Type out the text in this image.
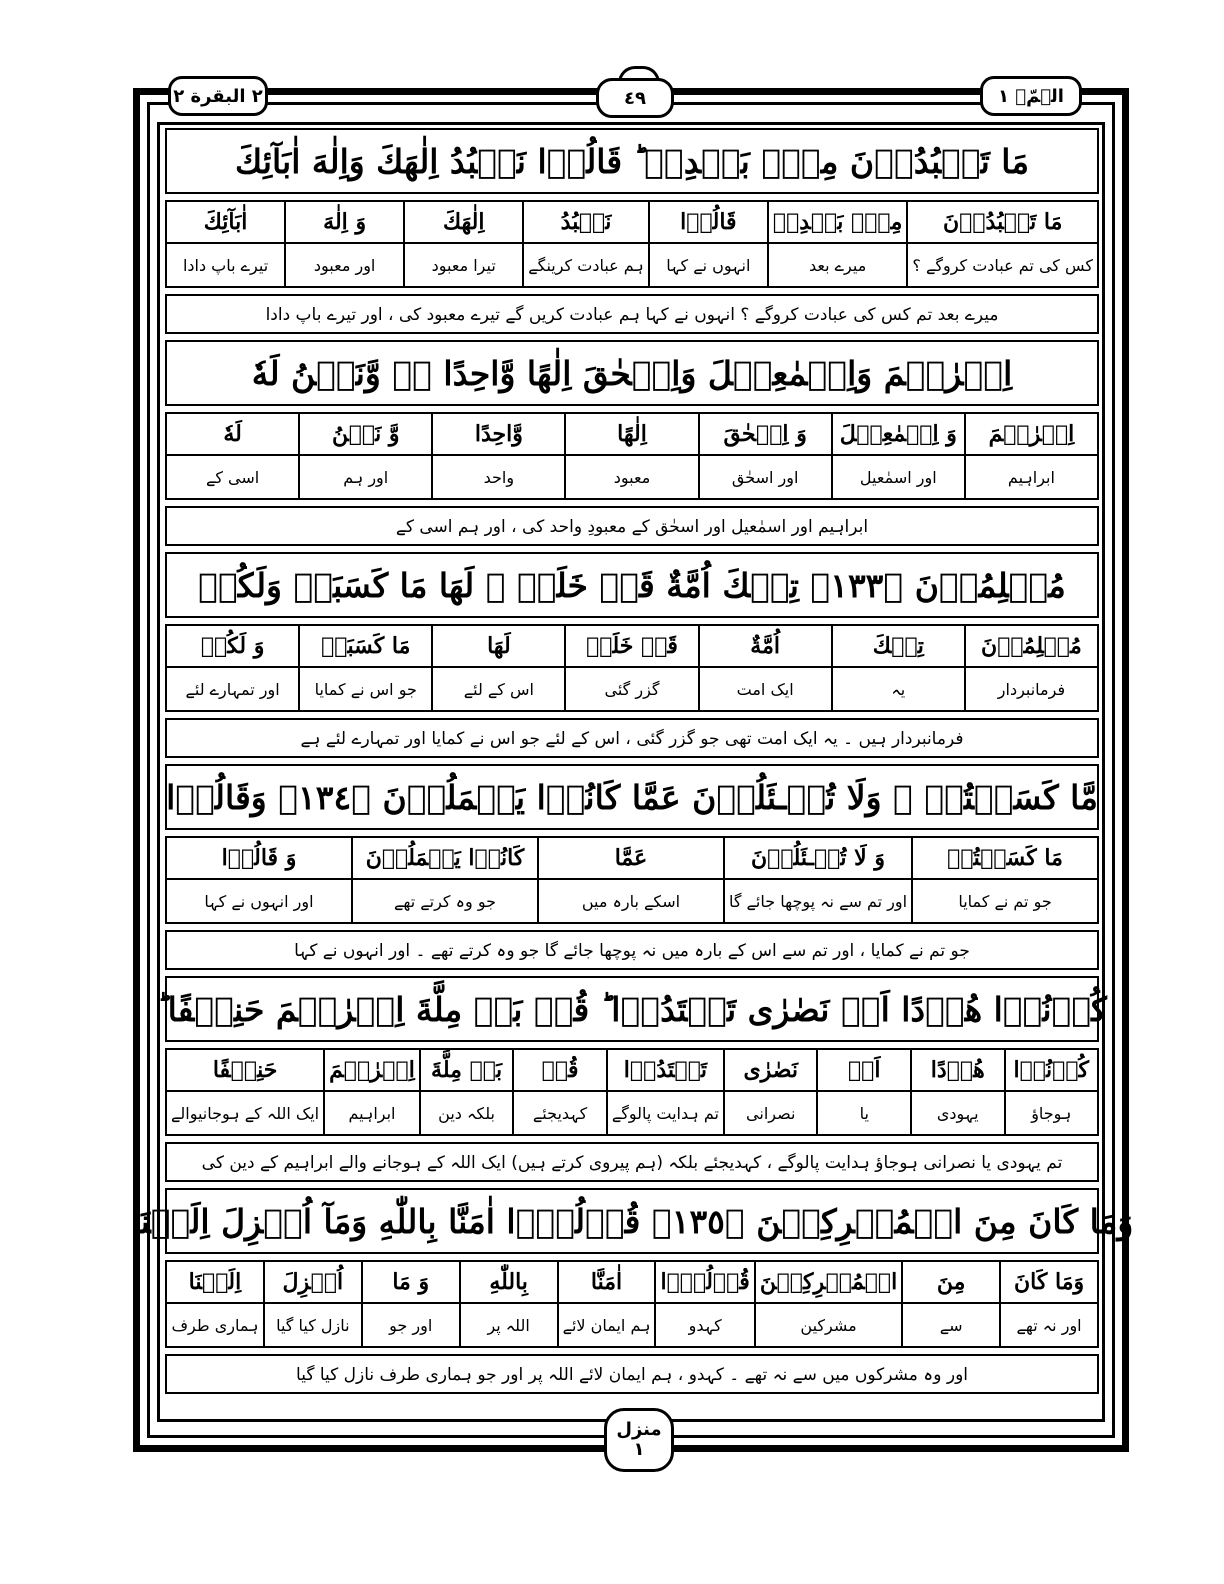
٢ البقرة ٢	٤٩	الۤمّۤ ١
مَا تَعۡبُدُوۡنَ مِنۡۢ بَعۡدِىۡ ؕ قَالُوۡا نَعۡبُدُ اِلٰهَكَ وَاِلٰهَ اٰبَآئِكَ
مَا تَعۡبُدُوۡنَ
مِنۡۢ بَعۡدِىۡ
قَالُوۡا
نَعۡبُدُ
اِلٰهَكَ
وَ اِلٰهَ
اٰبَآئِكَ
کس کی تم عبادت کروگے ؟
میرے بعد
انہوں نے کہا
ہم عبادت کرینگے
تیرا معبود
اور معبود
تیرے باپ دادا
میرے بعد تم کس کی عبادت کروگے ؟ انہوں نے کہا ہم عبادت کریں گے تیرے معبود کی ، اور تیرے باپ دادا
اِبۡرٰهٖمَ وَاِسۡمٰعِيۡلَ وَاِسۡحٰقَ اِلٰهًا وَّاحِدًا ۖۚ وَّنَحۡنُ لَهٗ
اِبۡرٰهٖمَ
وَ اِسۡمٰعِيۡلَ
وَ اِسۡحٰقَ
اِلٰهًا
وَّاحِدًا
وَّ نَحۡنُ
لَهٗ
ابراہیم
اور اسمٰعیل
اور اسحٰق
معبود
واحد
اور ہم
اسی کے
ابراہیم اور اسمٰعیل اور اسحٰق کے معبودِ واحد کی ، اور ہم اسی کے
مُسۡلِمُوۡنَ ﴿١٣٣﴾ تِلۡكَ اُمَّةٌ قَدۡ خَلَتۡ ۚ لَهَا مَا كَسَبَتۡ وَلَكُمۡ
مُسۡلِمُوۡنَ
تِلۡكَ
اُمَّةٌ
قَدۡ خَلَتۡ
لَهَا
مَا كَسَبَتۡ
وَ لَكُمۡ
فرمانبردار
یہ
ایک امت
گزر گئی
اس کے لئے
جو اس نے کمایا
اور تمہارے لئے
فرمانبردار ہیں ۔ یہ ایک امت تھی جو گزر گئی ، اس کے لئے جو اس نے کمایا اور تمہارے لئے ہے
مَّا كَسَبۡتُمۡ ۚ وَلَا تُسۡـئَلُوۡنَ عَمَّا كَانُوۡا يَعۡمَلُوۡنَ ﴿١٣٤﴾ وَقَالُوۡا
مَا كَسَبۡتُمۡ
وَ لَا تُسۡـئَلُوۡنَ
عَمَّا
كَانُوۡا يَعۡمَلُوۡنَ
وَ قَالُوۡا
جو تم نے کمایا
اور تم سے نہ پوچھا جائے گا
اسکے بارہ میں
جو وہ کرتے تھے
اور انہوں نے کہا
جو تم نے کمایا ، اور تم سے اس کے بارہ میں نہ پوچھا جائے گا جو وہ کرتے تھے ۔ اور انہوں نے کہا
كُوۡنُوۡا هُوۡدًا اَوۡ نَصٰرٰى تَهۡتَدُوۡا ؕ قُلۡ بَلۡ مِلَّةَ اِبۡرٰهٖمَ حَنِيۡفًا ؕ
كُوۡنُوۡا
هُوۡدًا
اَوۡ
نَصٰرٰى
تَهۡتَدُوۡا
قُلۡ
بَلۡ مِلَّةَ
اِبۡرٰهٖمَ
حَنِيۡفًا
ہوجاؤ
یہودی
یا
نصرانی
تم ہدایت پالوگے
کہدیجئے
بلکہ دین
ابراہیم
ایک اللہ کے ہوجانیوالے
تم یہودی یا نصرانی ہوجاؤ ہدایت پالوگے ، کہدیجئے بلکہ (ہم پیروی کرتے ہیں) ایک اللہ کے ہوجانے والے ابراہیم کے دین کی
وَمَا كَانَ مِنَ الۡمُشۡرِكِيۡنَ ﴿١٣٥﴾ قُوۡلُوۡٓا اٰمَنَّا بِاللّٰهِ وَمَآ اُنۡزِلَ اِلَيۡنَا
وَمَا كَانَ
مِنَ
الۡمُشۡرِكِيۡنَ
قُوۡلُوۡٓا
اٰمَنَّا
بِاللّٰهِ
وَ مَا
اُنۡزِلَ
اِلَيۡنَا
اور نہ تھے
سے
مشرکین
کہدو
ہم ایمان لائے
اللہ پر
اور جو
نازل کیا گیا
ہماری طرف
اور وہ مشرکوں میں سے نہ تھے ۔ کہدو ، ہم ایمان لائے اللہ پر اور جو ہماری طرف نازل کیا گیا
منزل
١
